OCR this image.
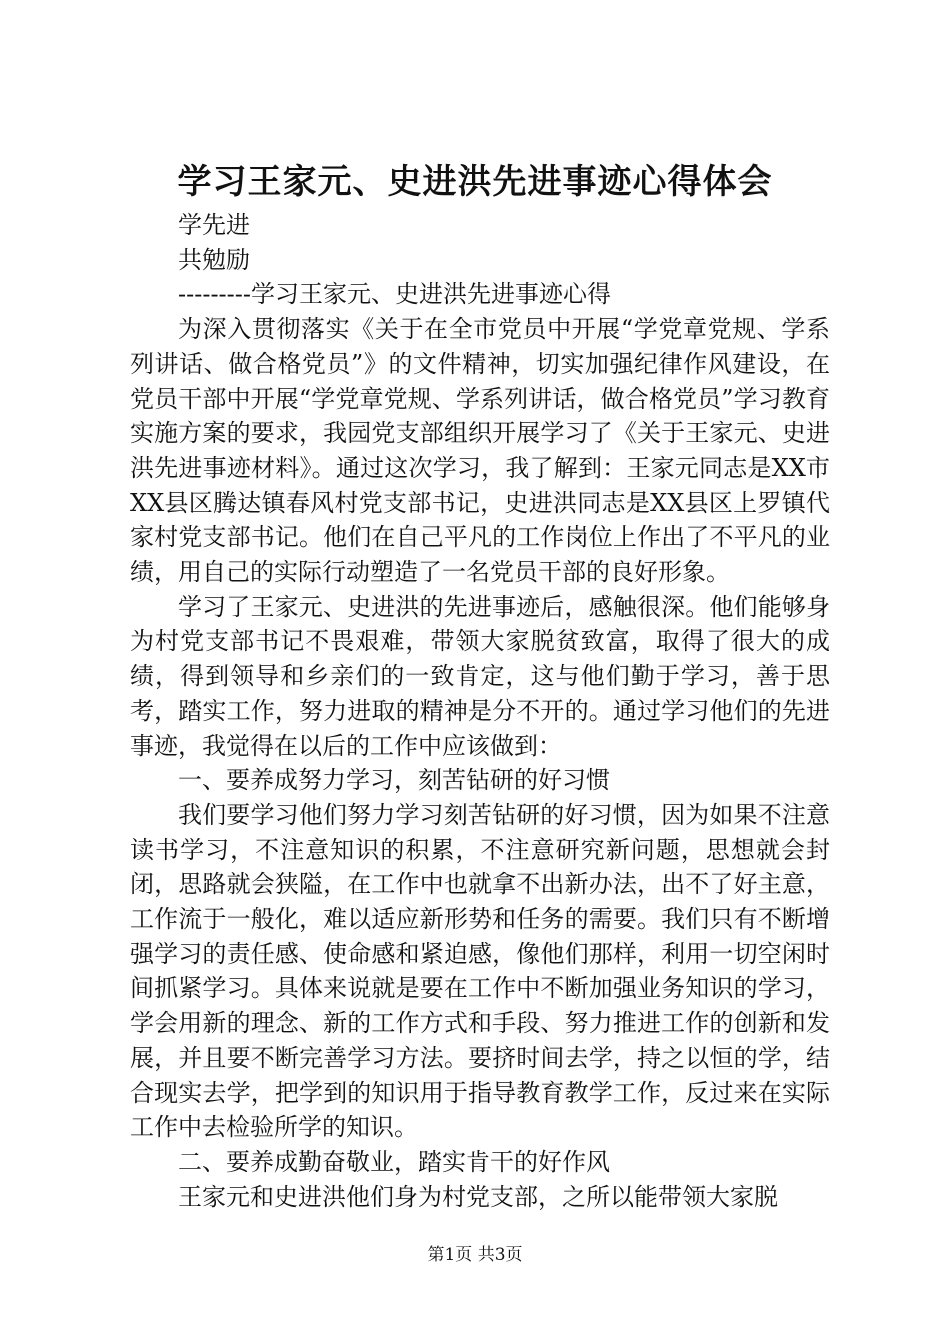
学习王家元、史进洪先进事迹心得体会

学先进

共勉励

---------学习王家元、史进洪先进事迹心得

为深入贯彻落实《关于在全市党员中开展“学党章党规、学系列讲话、做合格党员”》的文件精神，切实加强纪律作风建设，在党员干部中开展“学党章党规、学系列讲话，做合格党员”学习教育实施方案的要求，我园党支部组织开展学习了《关于王家元、史进洪先进事迹材料》。通过这次学习，我了解到：王家元同志是XX市XX县区腾达镇春风村党支部书记，史进洪同志是XX县区上罗镇代家村党支部书记。他们在自己平凡的工作岗位上作出了不平凡的业绩，用自己的实际行动塑造了一名党员干部的良好形象。

学习了王家元、史进洪的先进事迹后，感触很深。他们能够身为村党支部书记不畏艰难，带领大家脱贫致富，取得了很大的成绩，得到领导和乡亲们的一致肯定，这与他们勤于学习，善于思考，踏实工作，努力进取的精神是分不开的。通过学习他们的先进事迹，我觉得在以后的工作中应该做到：

一、要养成努力学习，刻苦钻研的好习惯

我们要学习他们努力学习刻苦钻研的好习惯，因为如果不注意读书学习，不注意知识的积累，不注意研究新问题，思想就会封闭，思路就会狭隘，在工作中也就拿不出新办法，出不了好主意，工作流于一般化，难以适应新形势和任务的需要。我们只有不断增强学习的责任感、使命感和紧迫感，像他们那样，利用一切空闲时间抓紧学习。具体来说就是要在工作中不断加强业务知识的学习，学会用新的理念、新的工作方式和手段、努力推进工作的创新和发展，并且要不断完善学习方法。要挤时间去学，持之以恒的学，结合现实去学，把学到的知识用于指导教育教学工作，反过来在实际工作中去检验所学的知识。

二、要养成勤奋敬业，踏实肯干的好作风

王家元和史进洪他们身为村党支部，之所以能带领大家脱

第1页 共3页
